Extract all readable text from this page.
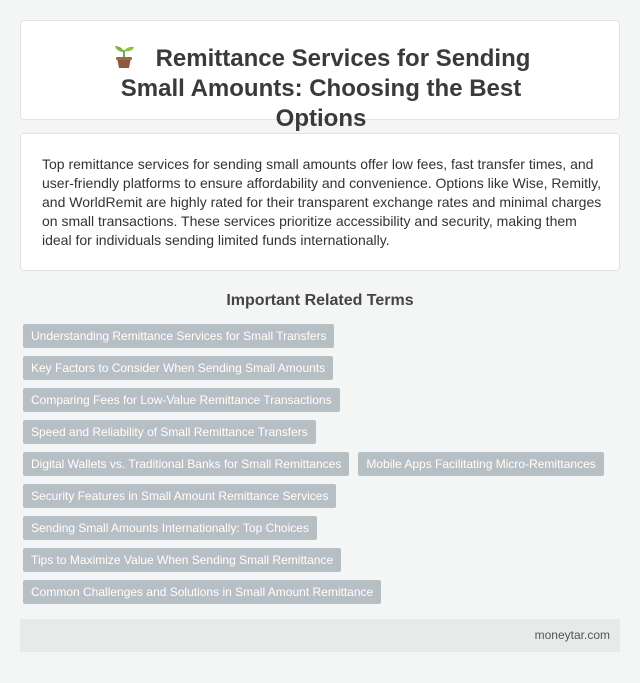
Remittance Services for Sending Small Amounts: Choosing the Best Options

Top remittance services for sending small amounts offer low fees, fast transfer times, and user-friendly platforms to ensure affordability and convenience. Options like Wise, Remitly, and WorldRemit are highly rated for their transparent exchange rates and minimal charges on small transactions. These services prioritize accessibility and security, making them ideal for individuals sending limited funds internationally.

Important Related Terms
Understanding Remittance Services for Small Transfers
Key Factors to Consider When Sending Small Amounts
Comparing Fees for Low-Value Remittance Transactions
Speed and Reliability of Small Remittance Transfers
Digital Wallets vs. Traditional Banks for Small Remittances	Mobile Apps Facilitating Micro-Remittances
Security Features in Small Amount Remittance Services
Sending Small Amounts Internationally: Top Choices
Tips to Maximize Value When Sending Small Remittance
Common Challenges and Solutions in Small Amount Remittance
moneytar.com
